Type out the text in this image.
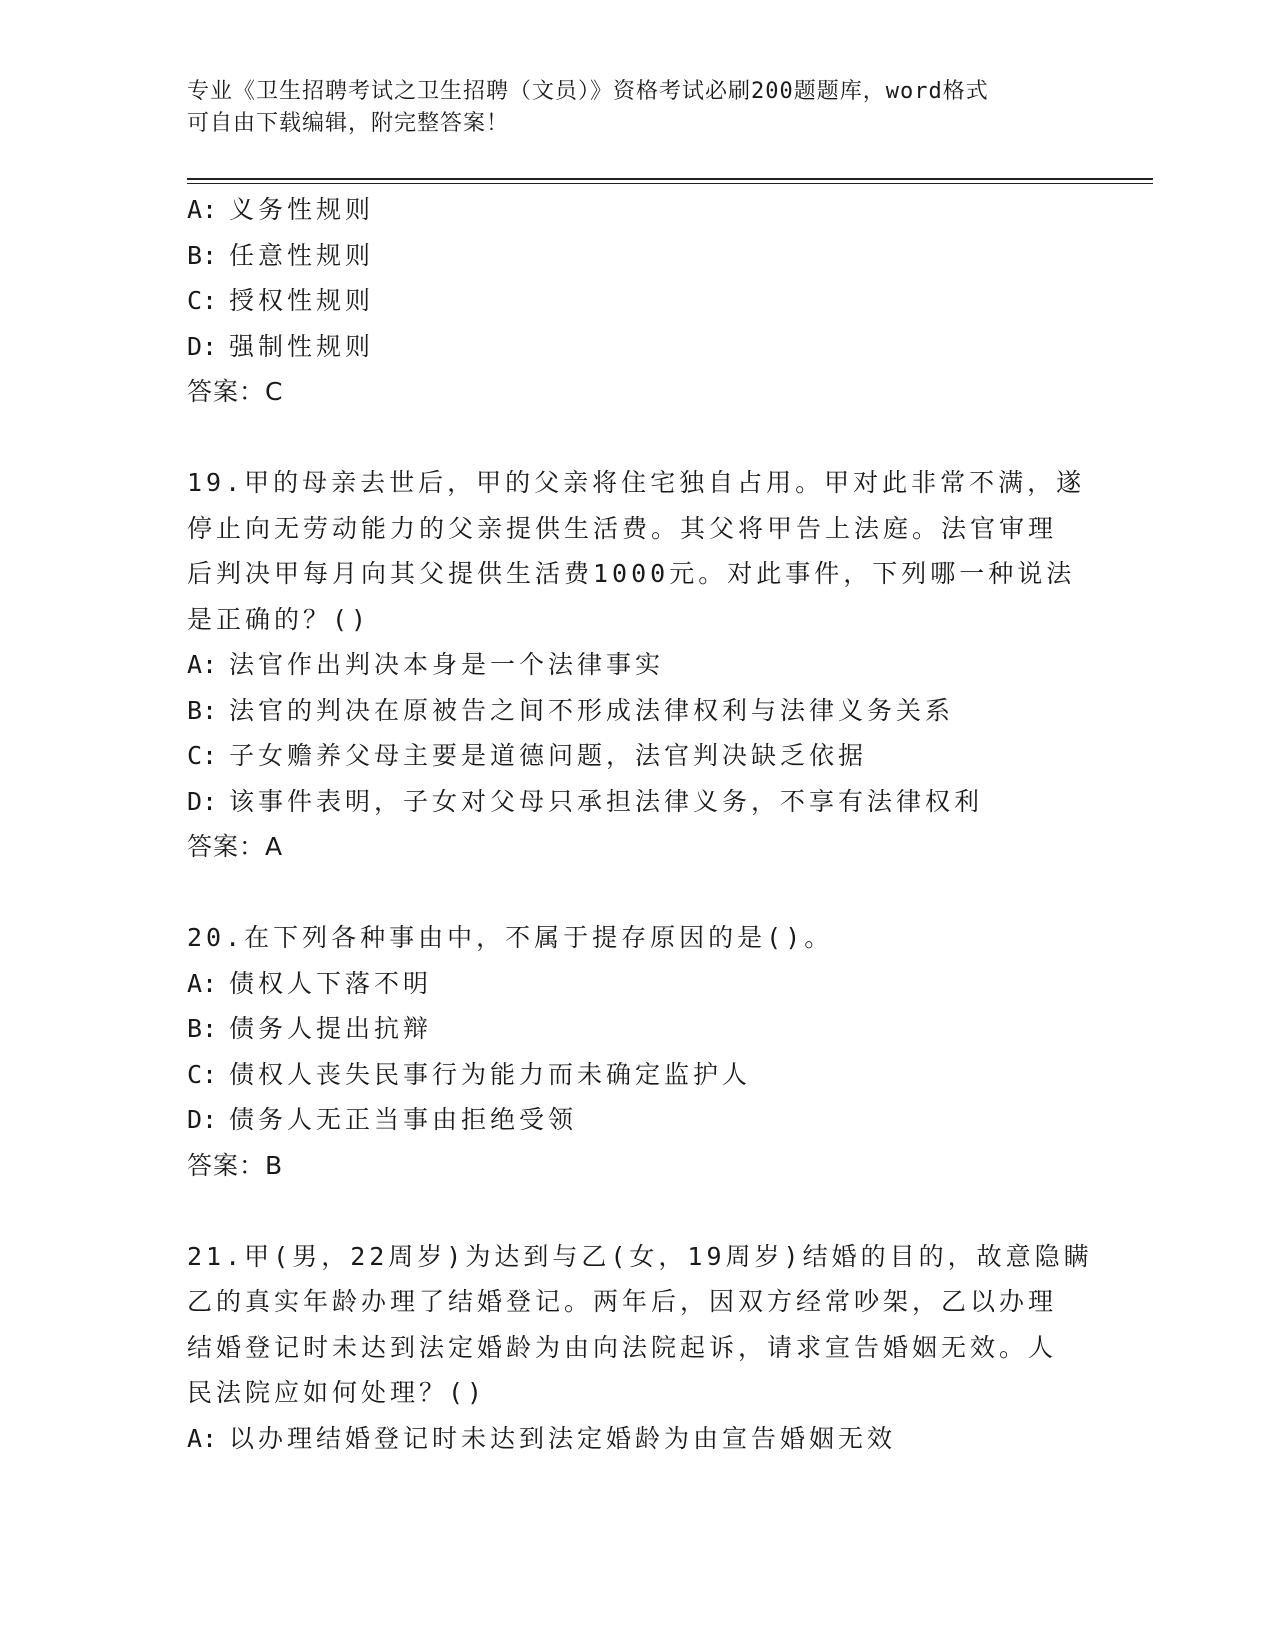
专业《卫生招聘考试之卫生招聘（文员）》资格考试必刷200题题库，word格式
可自由下载编辑，附完整答案！
A: 义务性规则
B: 任意性规则
C: 授权性规则
D: 强制性规则
答案：C
19.甲的母亲去世后，甲的父亲将住宅独自占用。甲对此非常不满，遂
停止向无劳动能力的父亲提供生活费。其父将甲告上法庭。法官审理
后判决甲每月向其父提供生活费1000元。对此事件，下列哪一种说法
是正确的？()
A: 法官作出判决本身是一个法律事实
B: 法官的判决在原被告之间不形成法律权利与法律义务关系
C: 子女赡养父母主要是道德问题，法官判决缺乏依据
D: 该事件表明，子女对父母只承担法律义务，不享有法律权利
答案：A
20.在下列各种事由中，不属于提存原因的是()。
A: 债权人下落不明
B: 债务人提出抗辩
C: 债权人丧失民事行为能力而未确定监护人
D: 债务人无正当事由拒绝受领
答案：B
21.甲(男，22周岁)为达到与乙(女，19周岁)结婚的目的，故意隐瞒
乙的真实年龄办理了结婚登记。两年后，因双方经常吵架，乙以办理
结婚登记时未达到法定婚龄为由向法院起诉，请求宣告婚姻无效。人
民法院应如何处理？()
A: 以办理结婚登记时未达到法定婚龄为由宣告婚姻无效
